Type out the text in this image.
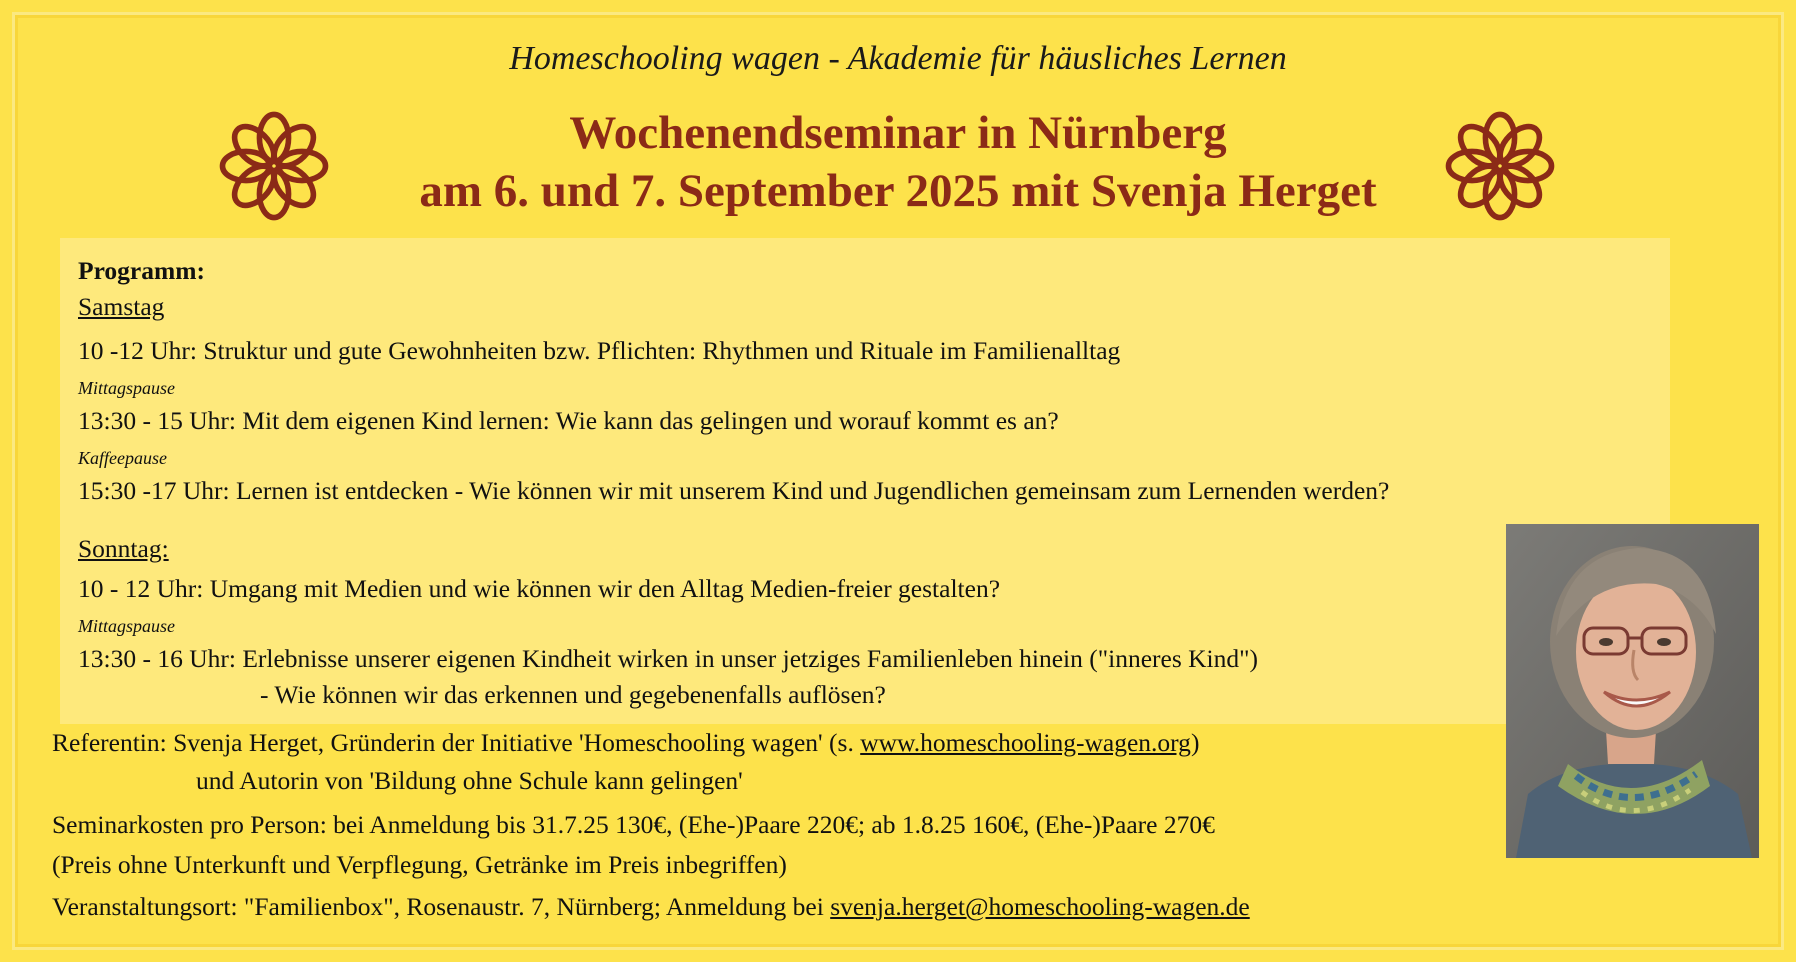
Homeschooling wagen - Akademie für häusliches Lernen
Wochenendseminar in Nürnberg
am 6. und 7. September 2025 mit Svenja Herget
Programm:
Samstag
10 -12 Uhr: Struktur und gute Gewohnheiten bzw. Pflichten: Rhythmen und Rituale im Familienalltag
Mittagspause
13:30 - 15 Uhr: Mit dem eigenen Kind lernen: Wie kann das gelingen und worauf kommt es an?
Kaffeepause
15:30 -17 Uhr: Lernen ist entdecken - Wie können wir mit unserem Kind und Jugendlichen gemeinsam zum Lernenden werden?
Sonntag:
10 - 12 Uhr: Umgang mit Medien und wie können wir den Alltag Medien-freier gestalten?
Mittagspause
13:30 - 16 Uhr: Erlebnisse unserer eigenen Kindheit wirken in unser jetziges Familienleben hinein ("inneres Kind")
- Wie können wir das erkennen und gegebenenfalls auflösen?
Referentin: Svenja Herget, Gründerin der Initiative 'Homeschooling wagen' (s. www.homeschooling-wagen.org)
und Autorin von 'Bildung ohne Schule kann gelingen'
Seminarkosten pro Person: bei Anmeldung bis 31.7.25 130€, (Ehe-)Paare 220€; ab 1.8.25 160€, (Ehe-)Paare 270€
(Preis ohne Unterkunft und Verpflegung, Getränke im Preis inbegriffen)
Veranstaltungsort: "Familienbox", Rosenaustr. 7, Nürnberg; Anmeldung bei svenja.herget@homeschooling-wagen.de
